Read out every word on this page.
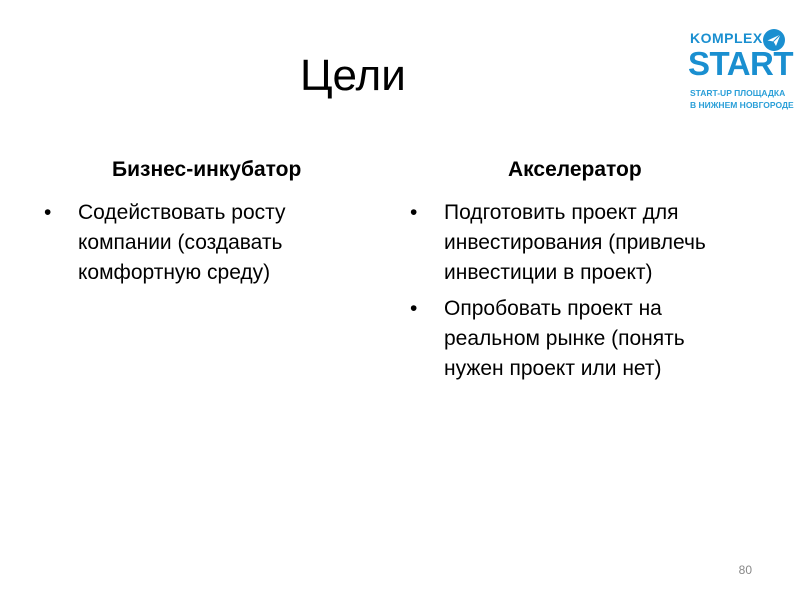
Цели
KOMPLEX
START
START-UP ПЛОЩАДКА
В НИЖНЕМ НОВГОРОДЕ
Бизнес-инкубатор	Акселератор
•	Содействовать росту
компании (создавать
комфортную среду)
•	Подготовить проект для
инвестирования (привлечь
инвестиции в проект)
•	Опробовать проект на
реальном рынке (понять
нужен проект или нет)
80
